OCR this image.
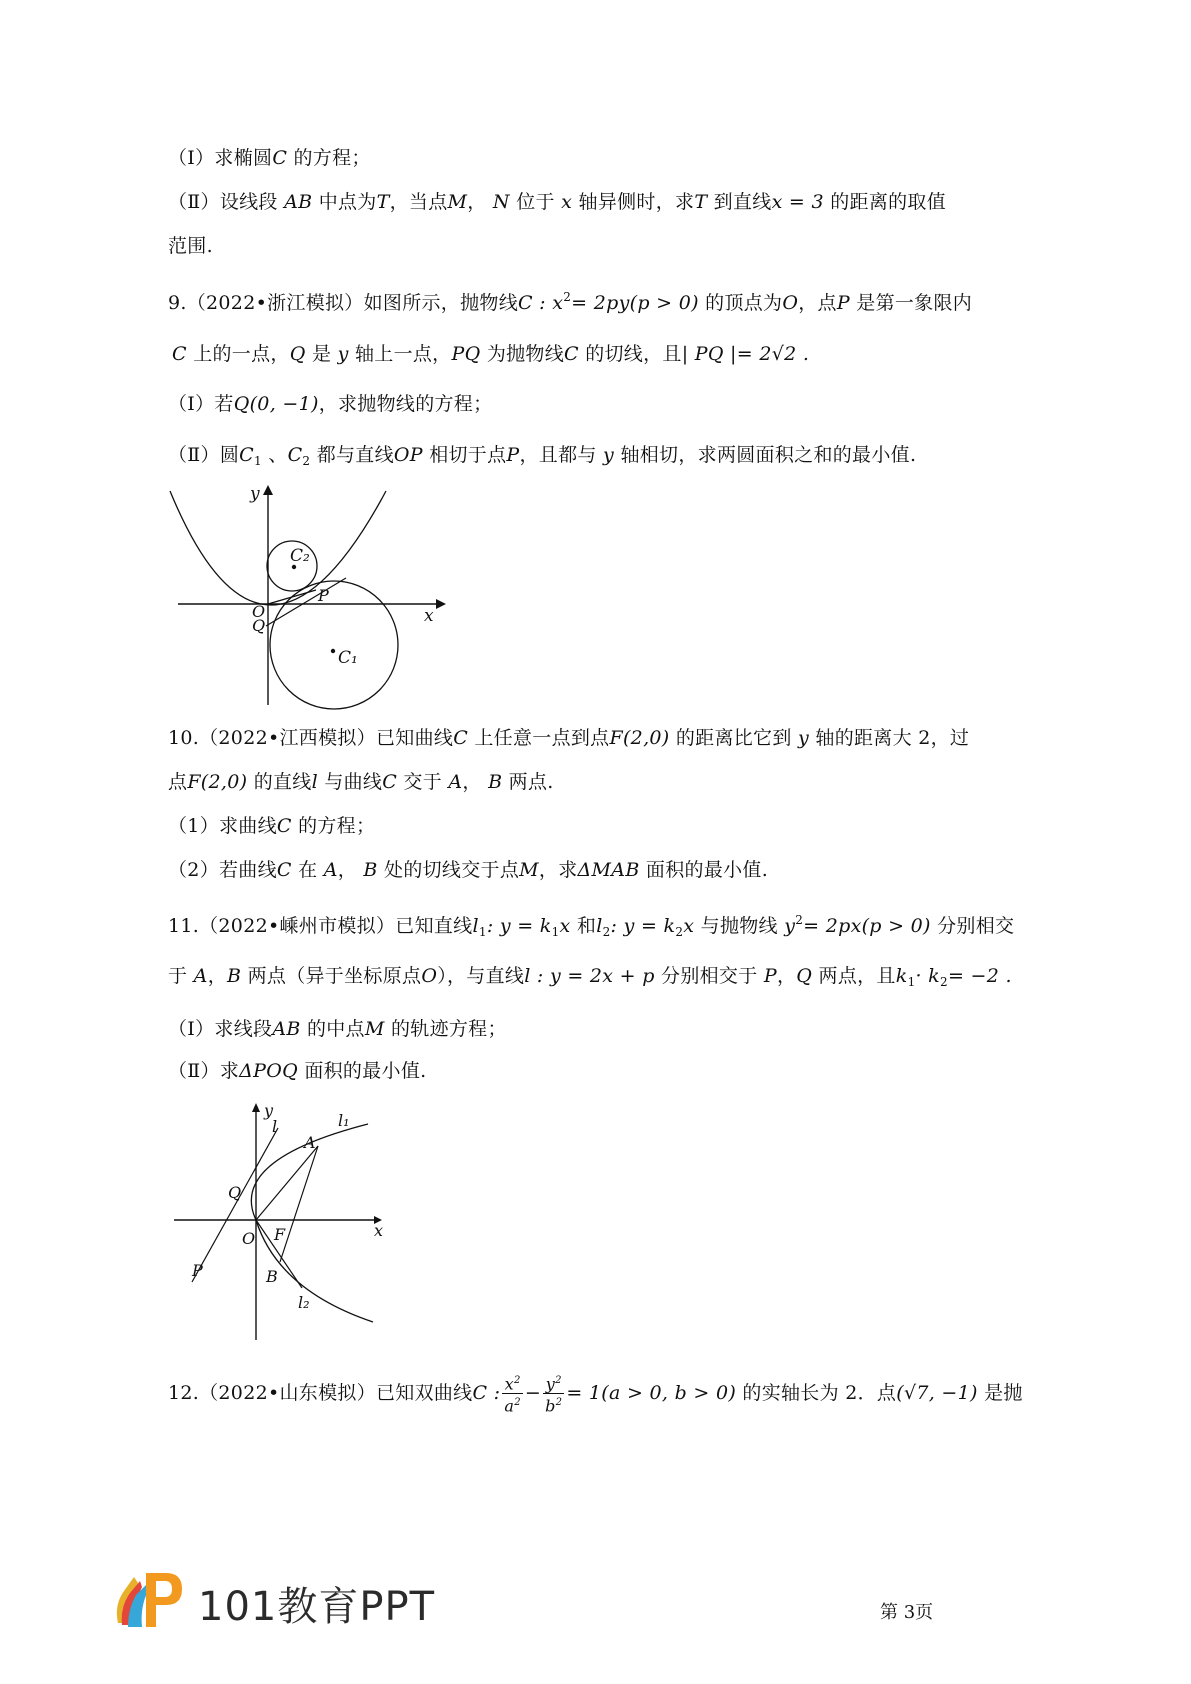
（Ⅰ）求椭圆C 的方程；
（Ⅱ）设线段 AB 中点为T，当点M， N 位于 x 轴异侧时，求T 到直线x = 3 的距离的取值
范围.
9.（2022•浙江模拟）如图所示，抛物线C : $x^2= 2py(p > 0)$ 的顶点为O，点P 是第一象限内
C 上的一点，Q 是 y 轴上一点，PQ 为抛物线C 的切线，且| PQ |= 2√2 .
（Ⅰ）若Q(0, −1)，求抛物线的方程；
（Ⅱ）圆$C_1$ 、$C_2$ 都与直线OP 相切于点P，且都与 y 轴相切，求两圆面积之和的最小值.
y
C₂
P
O
Q	x
C₁
10.（2022•江西模拟）已知曲线C 上任意一点到点F(2,0) 的距离比它到 y 轴的距离大 2，过
点F(2,0) 的直线l 与曲线C 交于 A， B 两点.
（1）求曲线C 的方程；
（2）若曲线C 在 A， B 处的切线交于点M，求ΔMAB 面积的最小值.
11.（2022•嵊州市模拟）已知直线$l_1$: $y = k_1x$ 和$l_2$: $y = k_2x$ 与抛物线 $y^2= 2px(p > 0)$ 分别相交
于 A，B 两点（异于坐标原点O），与直线l : y = 2x + p 分别相交于 P，Q 两点，且$k_1\cdot k_2= -2$ .
（Ⅰ）求线段AB 的中点M 的轨迹方程；
（Ⅱ）求ΔPOQ 面积的最小值.
y
l
A
l₁
Q
O F	x
P	B
l₂
12.（2022•山东模拟）已知双曲线C : $\frac{x^2}{a^2} - \frac{y^2}{b^2} = 1(a > 0$, b > 0) 的实轴长为 2．点(√7, −1) 是抛
101教育PPT	第 3页
